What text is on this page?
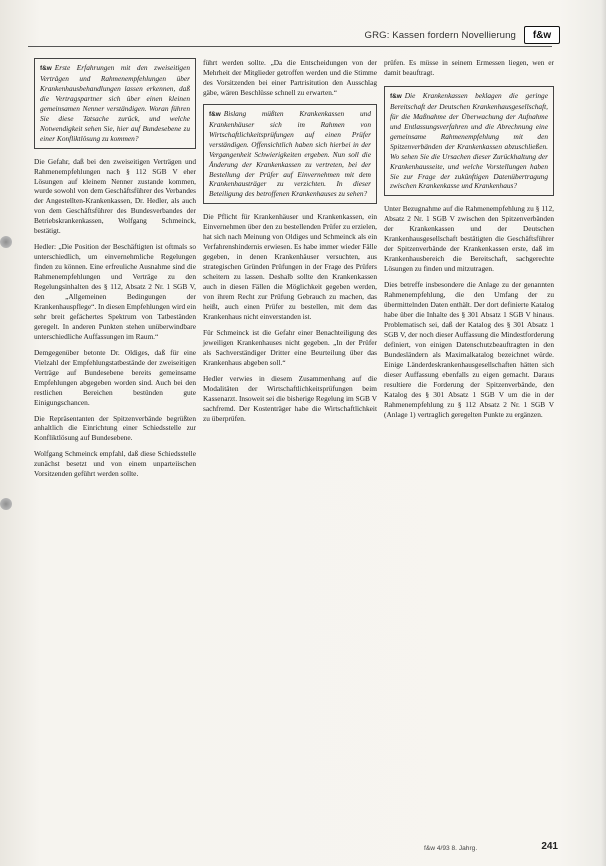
GRG: Kassen fordern Novellierung	f&w
f&w Erste Erfahrungen mit den zweiseitigen Verträgen und Rahmenempfehlungen über Krankenhausbehandlungen lassen erkennen, daß die Vertragspartner sich über einen kleinen gemeinsamen Nenner verständigen. Woran führen Sie diese Tatsache zurück, und welche Notwendigkeit sehen Sie, hier auf Bundesebene zu einer Konfliktlösung zu kommen?

Die Gefahr, daß bei den zweiseitigen Verträgen und Rahmenempfehlungen nach § 112 SGB V eher Lösungen auf kleinem Nenner zustande kommen, wurde sowohl von dem Geschäftsführer des Verbandes der Angestellten-Krankenkassen, Dr. Hedler, als auch von dem Geschäftsführer des Bundesverbandes der Betriebskrankenkassen, Wolfgang Schmeinck, bestätigt.

Hedler: „Die Position der Beschäftigten ist oftmals so unterschiedlich, um einvernehmliche Regelungen finden zu können. Eine erfreuliche Ausnahme sind die Rahmenempfehlungen und Verträge zu den Regelungsinhalten des § 112, Absatz 2 Nr. 1 SGB V, den „Allgemeinen Bedingungen der Krankenhauspflege“. In diesen Empfehlungen wird ein sehr breit gefächertes Spektrum von Tatbeständen geregelt. In anderen Punkten stehen unüberwindbare unterschiedliche Auffassungen im Raum.“

Demgegenüber betonte Dr. Oldiges, daß für eine Vielzahl der Empfehlungstatbestände der zweiseitigen Verträge auf Bundesebene bereits gemeinsame Empfehlungen abgegeben worden sind. Auch bei den restlichen Bereichen bestünden gute Einigungschancen.

Die Repräsentanten der Spitzenverbände begrüßten anhaltlich die Einrichtung einer Schiedsstelle zur Konfliktlösung auf Bundesebene.

Wolfgang Schmeinck empfahl, daß diese Schiedsstelle zunächst besetzt und von einem unparteiischen Vorsitzenden geführt werden sollte.

führt werden sollte. „Da die Entscheidungen von der Mehrheit der Mitglieder getroffen werden und die Stimme des Vorsitzenden bei einer Partrisitution den Ausschlag gäbe, wären Beschlüsse schnell zu erwarten.“

f&w Bislang müßten Krankenkassen und Krankenhäuser sich im Rahmen von Wirtschaftlichkeitsprüfungen auf einen Prüfer verständigen. Offensichtlich haben sich hierbei in der Vergangenheit Schwierigkeiten ergeben. Nun soll die Änderung der Krankenkassen zu vertreten, bei der Bestellung der Prüfer auf Einvernehmen mit dem Krankenhausträger zu verzichten. In dieser Beteiligung des betroffenen Krankenhauses zu sehen?

Die Pflicht für Krankenhäuser und Krankenkassen, ein Einvernehmen über den zu bestellenden Prüfer zu erzielen, hat sich nach Meinung von Oldiges und Schmeinck als ein Verfahrenshindernis erwiesen. Es habe immer wieder Fälle gegeben, in denen Krankenhäuser versuchten, aus strategischen Gründen Prüfungen in der Frage des Prüfers scheitern zu lassen. Deshalb sollte den Krankenkassen auch in diesen Fällen die Möglichkeit gegeben werden, von ihrem Recht zur Prüfung Gebrauch zu machen, das heißt, auch einen Prüfer zu bestellen, mit dem das Krankenhaus nicht einverstanden ist.

Für Schmeinck ist die Gefahr einer Benachteiligung des jeweiligen Krankenhauses nicht gegeben. „In der Prüfer als Sachverständiger Dritter eine Beurteilung über das Krankenhaus abgeben soll.“

Hedler verwies in diesem Zusammenhang auf die Modalitäten der Wirtschaftlichkeitsprüfungen beim Kassenarzt. Insoweit sei die bisherige Regelung im SGB V sachfremd. Der Kostenträger habe die Wirtschaftlichkeit zu überprüfen.

prüfen. Es müsse in seinem Ermessen liegen, wen er damit beauftragt.

f&w Die Krankenkassen beklagen die geringe Bereitschaft der Deutschen Krankenhausgesellschaft, für die Maßnahme der Überwachung der Aufnahme und Entlassungsverfahren und die Abrechnung eine gemeinsame Rahmenempfehlung mit den Spitzenverbänden der Krankenkassen abzuschließen. Wo sehen Sie die Ursachen dieser Zurückhaltung der Krankenhausseite, und welche Vorstellungen haben Sie zur Frage der zukünftigen Datenübertragung zwischen Krankenkasse und Krankenhaus?

Unter Bezugnahme auf die Rahmenempfehlung zu § 112, Absatz 2 Nr. 1 SGB V zwischen den Spitzenverbänden der Krankenkassen und der Deutschen Krankenhausgesellschaft bestätigten die Geschäftsführer der Spitzenverbände der Krankenkassen erste, daß im Krankenhausbereich die Bereitschaft, sachgerechte Lösungen zu finden und mitzutragen.

Dies betreffe insbesondere die Anlage zu der genannten Rahmenempfehlung, die den Umfang der zu übermittelnden Daten enthält. Der dort definierte Katalog habe über die Inhalte des § 301 Absatz 1 SGB V hinaus. Problematisch sei, daß der Katalog des § 301 Absatz 1 SGB V, der noch dieser Auffassung die Mindestforderung definiert, von einigen Datenschutzbeauftragten in den Bundesländern als Maximalkatalog bezeichnet würde. Einige Länderdeskrankenhausgesellschaften hätten sich dieser Auffassung ebenfalls zu eigen gemacht. Daraus resultiere die Forderung der Spitzenverbände, den Katalog des § 301 Absatz 1 SGB V um die in der Rahmenempfehlung zu § 112 Absatz 2 Nr. 1 SGB V (Anlage 1) vertraglich geregelten Punkte zu ergänzen.

f&w 4/93 8. Jahrg.	241
